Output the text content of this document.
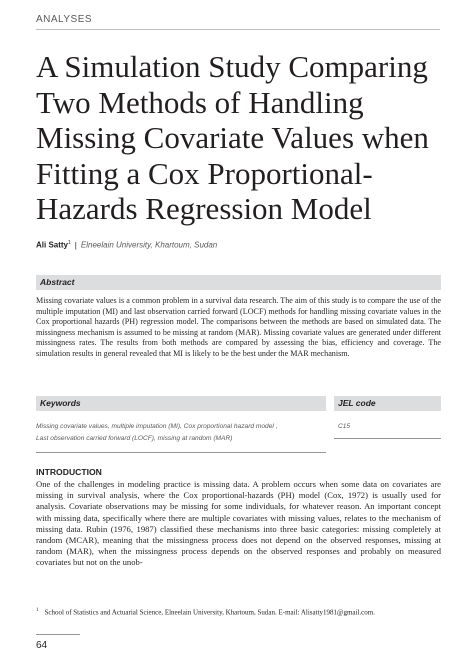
ANALYSES
A Simulation Study Comparing Two Methods of Handling Missing Covariate Values when Fitting a Cox Proportional-Hazards Regression Model
Ali Satty$^1$ | Elneelain University, Khartoum, Sudan
Abstract

Missing covariate values is a common problem in a survival data research. The aim of this study is to compare the use of the multiple imputation (MI) and last observation carried forward (LOCF) methods for handling missing covariate values in the Cox proportional hazards (PH) regression model. The comparisons between the methods are based on simulated data. The missingness mechanism is assumed to be missing at random (MAR). Missing covariate values are generated under different missingness rates. The results from both methods are compared by assessing the bias, efficiency and coverage. The simulation results in general revealed that MI is likely to be the best under the MAR mechanism.

Keywords	JEL code
Missing covariate values, multiple imputation (MI), Cox proportional hazard model ,
Last observation carried forward (LOCF), missing at random (MAR)
C15
INTRODUCTION

One of the challenges in modeling practice is missing data. A problem occurs when some data on covariates are missing in survival analysis, where the Cox proportional-hazards (PH) model (Cox, 1972) is usually used for analysis. Covariate observations may be missing for some individuals, for whatever reason. An important concept with missing data, specifically where there are multiple covariates with missing values, relates to the mechanism of missing data. Rubin (1976, 1987) classified these mechanisms into three basic categories: missing completely at random (MCAR), meaning that the missingness process does not depend on the observed responses, missing at random (MAR), when the missingness process depends on the observed responses and probably on measured covariates but not on the unob-

$^1$ School of Statistics and Actuarial Science, Elneelain University, Khartoum, Sudan. E-mail: Alisatty1981@gmail.com.
64
